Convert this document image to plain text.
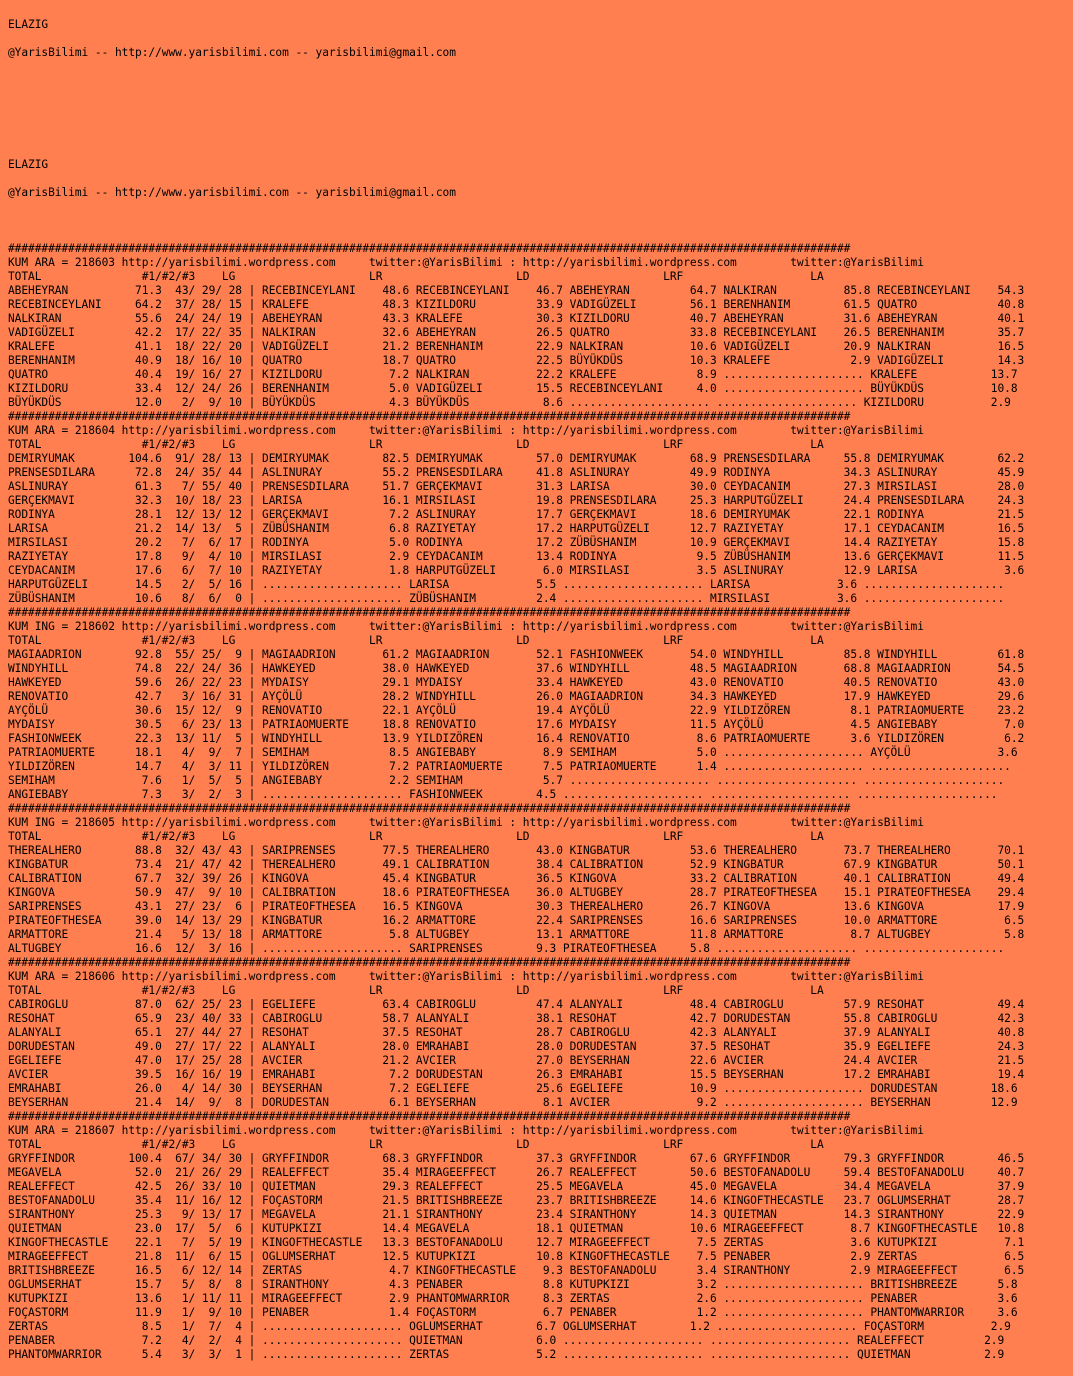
ELAZIG

@YarisBilimi -- http://www.yarisbilimi.com -- yarisbilimi@gmail.com

ELAZIG

@YarisBilimi -- http://www.yarisbilimi.com -- yarisbilimi@gmail.com

##############################################################################################################################
KUM ARA = 218603 http://yarisbilimi.wordpress.com     twitter:@YarisBilimi : http://yarisbilimi.wordpress.com        twitter:@YarisBilimi
TOTAL               #1/#2/#3    LG                    LR                    LD                    LRF                   LA
ABEHEYRAN          71.3  43/ 29/ 28 | RECEBINCEYLANI    48.6 RECEBINCEYLANI    46.7 ABEHEYRAN         64.7 NALKIRAN          85.8 RECEBINCEYLANI    54.3
RECEBINCEYLANI     64.2  37/ 28/ 15 | KRALEFE           48.3 KIZILDORU         33.9 VADIGÜZELI        56.1 BERENHANIM        61.5 QUATRO            40.8
NALKIRAN           55.6  24/ 24/ 19 | ABEHEYRAN         43.3 KRALEFE           30.3 KIZILDORU         40.7 ABEHEYRAN         31.6 ABEHEYRAN         40.1
VADIGÜZELI         42.2  17/ 22/ 35 | NALKIRAN          32.6 ABEHEYRAN         26.5 QUATRO            33.8 RECEBINCEYLANI    26.5 BERENHANIM        35.7
KRALEFE            41.1  18/ 22/ 20 | VADIGÜZELI        21.2 BERENHANIM        22.9 NALKIRAN          10.6 VADIGÜZELI        20.9 NALKIRAN          16.5
BERENHANIM         40.9  18/ 16/ 10 | QUATRO            18.7 QUATRO            22.5 BÜYÜKDÜS          10.3 KRALEFE            2.9 VADIGÜZELI        14.3
QUATRO             40.4  19/ 16/ 27 | KIZILDORU          7.2 NALKIRAN          22.2 KRALEFE            8.9 ..................... KRALEFE           13.7
KIZILDORU          33.4  12/ 24/ 26 | BERENHANIM         5.0 VADIGÜZELI        15.5 RECEBINCEYLANI     4.0 ..................... BÜYÜKDÜS          10.8
BÜYÜKDÜS           12.0   2/  9/ 10 | BÜYÜKDÜS           4.3 BÜYÜKDÜS           8.6 ..................... ..................... KIZILDORU          2.9
##############################################################################################################################
KUM ARA = 218604 http://yarisbilimi.wordpress.com     twitter:@YarisBilimi : http://yarisbilimi.wordpress.com        twitter:@YarisBilimi
TOTAL               #1/#2/#3    LG                    LR                    LD                    LRF                   LA
DEMIRYUMAK        104.6  91/ 28/ 13 | DEMIRYUMAK        82.5 DEMIRYUMAK        57.0 DEMIRYUMAK        68.9 PRENSESDILARA     55.8 DEMIRYUMAK        62.2
PRENSESDILARA      72.8  24/ 35/ 44 | ASLINURAY         55.2 PRENSESDILARA     41.8 ASLINURAY         49.9 RODINYA           34.3 ASLINURAY         45.9
ASLINURAY          61.3   7/ 55/ 40 | PRENSESDILARA     51.7 GERÇEKMAVI        31.3 LARISA            30.0 CEYDACANIM        27.3 MIRSILASI         28.0
GERÇEKMAVI         32.3  10/ 18/ 23 | LARISA            16.1 MIRSILASI         19.8 PRENSESDILARA     25.3 HARPUTGÜZELI      24.4 PRENSESDILARA     24.3
RODINYA            28.1  12/ 13/ 12 | GERÇEKMAVI         7.2 ASLINURAY         17.7 GERÇEKMAVI        18.6 DEMIRYUMAK        22.1 RODINYA           21.5
LARISA             21.2  14/ 13/  5 | ZÜBÜSHANIM         6.8 RAZIYETAY         17.2 HARPUTGÜZELI      12.7 RAZIYETAY         17.1 CEYDACANIM        16.5
MIRSILASI          20.2   7/  6/ 17 | RODINYA            5.0 RODINYA           17.2 ZÜBÜSHANIM        10.9 GERÇEKMAVI        14.4 RAZIYETAY         15.8
RAZIYETAY          17.8   9/  4/ 10 | MIRSILASI          2.9 CEYDACANIM        13.4 RODINYA            9.5 ZÜBÜSHANIM        13.6 GERÇEKMAVI        11.5
CEYDACANIM         17.6   6/  7/ 10 | RAZIYETAY          1.8 HARPUTGÜZELI       6.0 MIRSILASI          3.5 ASLINURAY         12.9 LARISA             3.6
HARPUTGÜZELI       14.5   2/  5/ 16 | ..................... LARISA             5.5 ..................... LARISA             3.6 .....................
ZÜBÜSHANIM         10.6   8/  6/  0 | ..................... ZÜBÜSHANIM         2.4 ..................... MIRSILASI          3.6 .....................
##############################################################################################################################
KUM ING = 218602 http://yarisbilimi.wordpress.com     twitter:@YarisBilimi : http://yarisbilimi.wordpress.com        twitter:@YarisBilimi
TOTAL               #1/#2/#3    LG                    LR                    LD                    LRF                   LA
MAGIAADRION        92.8  55/ 25/  9 | MAGIAADRION       61.2 MAGIAADRION       52.1 FASHIONWEEK       54.0 WINDYHILL         85.8 WINDYHILL         61.8
WINDYHILL          74.8  22/ 24/ 36 | HAWKEYED          38.0 HAWKEYED          37.6 WINDYHILL         48.5 MAGIAADRION       68.8 MAGIAADRION       54.5
HAWKEYED           59.6  26/ 22/ 23 | MYDAISY           29.1 MYDAISY           33.4 HAWKEYED          43.0 RENOVATIO         40.5 RENOVATIO         43.0
RENOVATIO          42.7   3/ 16/ 31 | AYÇÖLÜ            28.2 WINDYHILL         26.0 MAGIAADRION       34.3 HAWKEYED          17.9 HAWKEYED          29.6
AYÇÖLÜ             30.6  15/ 12/  9 | RENOVATIO         22.1 AYÇÖLÜ            19.4 AYÇÖLÜ            22.9 YILDIZÖREN         8.1 PATRIAOMUERTE     23.2
MYDAISY            30.5   6/ 23/ 13 | PATRIAOMUERTE     18.8 RENOVATIO         17.6 MYDAISY           11.5 AYÇÖLÜ             4.5 ANGIEBABY          7.0
FASHIONWEEK        22.3  13/ 11/  5 | WINDYHILL         13.9 YILDIZÖREN        16.4 RENOVATIO          8.6 PATRIAOMUERTE      3.6 YILDIZÖREN         6.2
PATRIAOMUERTE      18.1   4/  9/  7 | SEMIHAM            8.5 ANGIEBABY          8.9 SEMIHAM            5.0 ..................... AYÇÖLÜ             3.6
YILDIZÖREN         14.7   4/  3/ 11 | YILDIZÖREN         7.2 PATRIAOMUERTE      7.5 PATRIAOMUERTE      1.4 ..................... .....................
SEMIHAM             7.6   1/  5/  5 | ANGIEBABY          2.2 SEMIHAM            5.7 ..................... ..................... .....................
ANGIEBABY           7.3   3/  2/  3 | ..................... FASHIONWEEK        4.5 ..................... ..................... .....................
##############################################################################################################################
KUM ING = 218605 http://yarisbilimi.wordpress.com     twitter:@YarisBilimi : http://yarisbilimi.wordpress.com        twitter:@YarisBilimi
TOTAL               #1/#2/#3    LG                    LR                    LD                    LRF                   LA
THEREALHERO        88.8  32/ 43/ 43 | SARIPRENSES       77.5 THEREALHERO       43.0 KINGBATUR         53.6 THEREALHERO       73.7 THEREALHERO       70.1
KINGBATUR          73.4  21/ 47/ 42 | THEREALHERO       49.1 CALIBRATION       38.4 CALIBRATION       52.9 KINGBATUR         67.9 KINGBATUR         50.1
CALIBRATION        67.7  32/ 39/ 26 | KINGOVA           45.4 KINGBATUR         36.5 KINGOVA           33.2 CALIBRATION       40.1 CALIBRATION       49.4
KINGOVA            50.9  47/  9/ 10 | CALIBRATION       18.6 PIRATEOFTHESEA    36.0 ALTUGBEY          28.7 PIRATEOFTHESEA    15.1 PIRATEOFTHESEA    29.4
SARIPRENSES        43.1  27/ 23/  6 | PIRATEOFTHESEA    16.5 KINGOVA           30.3 THEREALHERO       26.7 KINGOVA           13.6 KINGOVA           17.9
PIRATEOFTHESEA     39.0  14/ 13/ 29 | KINGBATUR         16.2 ARMATTORE         22.4 SARIPRENSES       16.6 SARIPRENSES       10.0 ARMATTORE          6.5
ARMATTORE          21.4   5/ 13/ 18 | ARMATTORE          5.8 ALTUGBEY          13.1 ARMATTORE         11.8 ARMATTORE          8.7 ALTUGBEY           5.8
ALTUGBEY           16.6  12/  3/ 16 | ..................... SARIPRENSES        9.3 PIRATEOFTHESEA     5.8 ..................... .....................
##############################################################################################################################
KUM ARA = 218606 http://yarisbilimi.wordpress.com     twitter:@YarisBilimi : http://yarisbilimi.wordpress.com        twitter:@YarisBilimi
TOTAL               #1/#2/#3    LG                    LR                    LD                    LRF                   LA
CABIROGLU          87.0  62/ 25/ 23 | EGELIEFE          63.4 CABIROGLU         47.4 ALANYALI          48.4 CABIROGLU         57.9 RESOHAT           49.4
RESOHAT            65.9  23/ 40/ 33 | CABIROGLU         58.7 ALANYALI          38.1 RESOHAT           42.7 DORUDESTAN        55.8 CABIROGLU         42.3
ALANYALI           65.1  27/ 44/ 27 | RESOHAT           37.5 RESOHAT           28.7 CABIROGLU         42.3 ALANYALI          37.9 ALANYALI          40.8
DORUDESTAN         49.0  27/ 17/ 22 | ALANYALI          28.0 EMRAHABI          28.0 DORUDESTAN        37.5 RESOHAT           35.9 EGELIEFE          24.3
EGELIEFE           47.0  17/ 25/ 28 | AVCIER            21.2 AVCIER            27.0 BEYSERHAN         22.6 AVCIER            24.4 AVCIER            21.5
AVCIER             39.5  16/ 16/ 19 | EMRAHABI           7.2 DORUDESTAN        26.3 EMRAHABI          15.5 BEYSERHAN         17.2 EMRAHABI          19.4
EMRAHABI           26.0   4/ 14/ 30 | BEYSERHAN          7.2 EGELIEFE          25.6 EGELIEFE          10.9 ..................... DORUDESTAN        18.6
BEYSERHAN          21.4  14/  9/  8 | DORUDESTAN         6.1 BEYSERHAN          8.1 AVCIER             9.2 ..................... BEYSERHAN         12.9
##############################################################################################################################
KUM ARA = 218607 http://yarisbilimi.wordpress.com     twitter:@YarisBilimi : http://yarisbilimi.wordpress.com        twitter:@YarisBilimi
TOTAL               #1/#2/#3    LG                    LR                    LD                    LRF                   LA
GRYFFINDOR        100.4  67/ 34/ 30 | GRYFFINDOR        68.3 GRYFFINDOR        37.3 GRYFFINDOR        67.6 GRYFFINDOR        79.3 GRYFFINDOR        46.5
MEGAVELA           52.0  21/ 26/ 29 | REALEFFECT        35.4 MIRAGEEFFECT      26.7 REALEFFECT        50.6 BESTOFANADOLU     59.4 BESTOFANADOLU     40.7
REALEFFECT         42.5  26/ 33/ 10 | QUIETMAN          29.3 REALEFFECT        25.5 MEGAVELA          45.0 MEGAVELA          34.4 MEGAVELA          37.9
BESTOFANADOLU      35.4  11/ 16/ 12 | FOÇASTORM         21.5 BRITISHBREEZE     23.7 BRITISHBREEZE     14.6 KINGOFTHECASTLE   23.7 OGLUMSERHAT       28.7
SIRANTHONY         25.3   9/ 13/ 17 | MEGAVELA          21.1 SIRANTHONY        23.4 SIRANTHONY        14.3 QUIETMAN          14.3 SIRANTHONY        22.9
QUIETMAN           23.0  17/  5/  6 | KUTUPKIZI         14.4 MEGAVELA          18.1 QUIETMAN          10.6 MIRAGEEFFECT       8.7 KINGOFTHECASTLE   10.8
KINGOFTHECASTLE    22.1   7/  5/ 19 | KINGOFTHECASTLE   13.3 BESTOFANADOLU     12.7 MIRAGEEFFECT       7.5 ZERTAS             3.6 KUTUPKIZI          7.1
MIRAGEEFFECT       21.8  11/  6/ 15 | OGLUMSERHAT       12.5 KUTUPKIZI         10.8 KINGOFTHECASTLE    7.5 PENABER            2.9 ZERTAS             6.5
BRITISHBREEZE      16.5   6/ 12/ 14 | ZERTAS             4.7 KINGOFTHECASTLE    9.3 BESTOFANADOLU      3.4 SIRANTHONY         2.9 MIRAGEEFFECT       6.5
OGLUMSERHAT        15.7   5/  8/  8 | SIRANTHONY         4.3 PENABER            8.8 KUTUPKIZI          3.2 ..................... BRITISHBREEZE      5.8
KUTUPKIZI          13.6   1/ 11/ 11 | MIRAGEEFFECT       2.9 PHANTOMWARRIOR     8.3 ZERTAS             2.6 ..................... PENABER            3.6
FOÇASTORM          11.9   1/  9/ 10 | PENABER            1.4 FOÇASTORM          6.7 PENABER            1.2 ..................... PHANTOMWARRIOR     3.6
ZERTAS              8.5   1/  7/  4 | ..................... OGLUMSERHAT        6.7 OGLUMSERHAT        1.2 ..................... FOÇASTORM          2.9
PENABER             7.2   4/  2/  4 | ..................... QUIETMAN           6.0 ..................... ..................... REALEFFECT         2.9
PHANTOMWARRIOR      5.4   3/  3/  1 | ..................... ZERTAS             5.2 ..................... ..................... QUIETMAN           2.9
